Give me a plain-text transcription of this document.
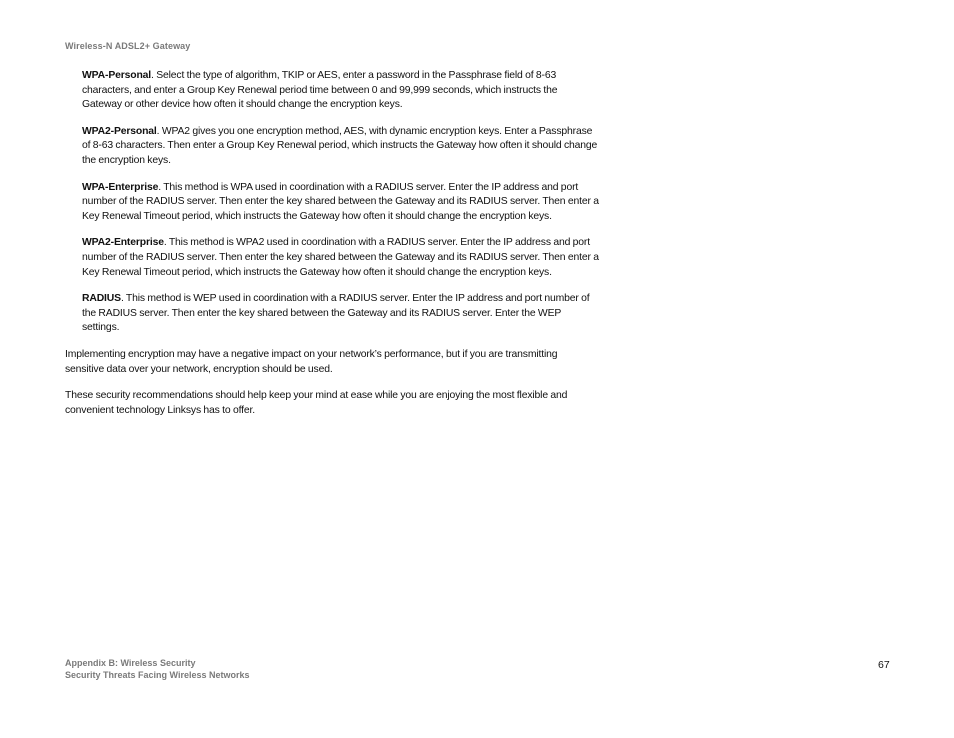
Wireless-N ADSL2+ Gateway

WPA-Personal. Select the type of algorithm, TKIP or AES, enter a password in the Passphrase field of 8-63 characters, and enter a Group Key Renewal period time between 0 and 99,999 seconds, which instructs the Gateway or other device how often it should change the encryption keys.

WPA2-Personal. WPA2 gives you one encryption method, AES, with dynamic encryption keys. Enter a Passphrase of 8-63 characters. Then enter a Group Key Renewal period, which instructs the Gateway how often it should change the encryption keys.

WPA-Enterprise. This method is WPA used in coordination with a RADIUS server. Enter the IP address and port number of the RADIUS server. Then enter the key shared between the Gateway and its RADIUS server. Then enter a Key Renewal Timeout period, which instructs the Gateway how often it should change the encryption keys.

WPA2-Enterprise. This method is WPA2 used in coordination with a RADIUS server. Enter the IP address and port number of the RADIUS server. Then enter the key shared between the Gateway and its RADIUS server. Then enter a Key Renewal Timeout period, which instructs the Gateway how often it should change the encryption keys.

RADIUS. This method is WEP used in coordination with a RADIUS server. Enter the IP address and port number of the RADIUS server. Then enter the key shared between the Gateway and its RADIUS server. Enter the WEP settings.

Implementing encryption may have a negative impact on your network’s performance, but if you are transmitting sensitive data over your network, encryption should be used.

These security recommendations should help keep your mind at ease while you are enjoying the most flexible and convenient technology Linksys has to offer.

Appendix B: Wireless Security
Security Threats Facing Wireless Networks
67
